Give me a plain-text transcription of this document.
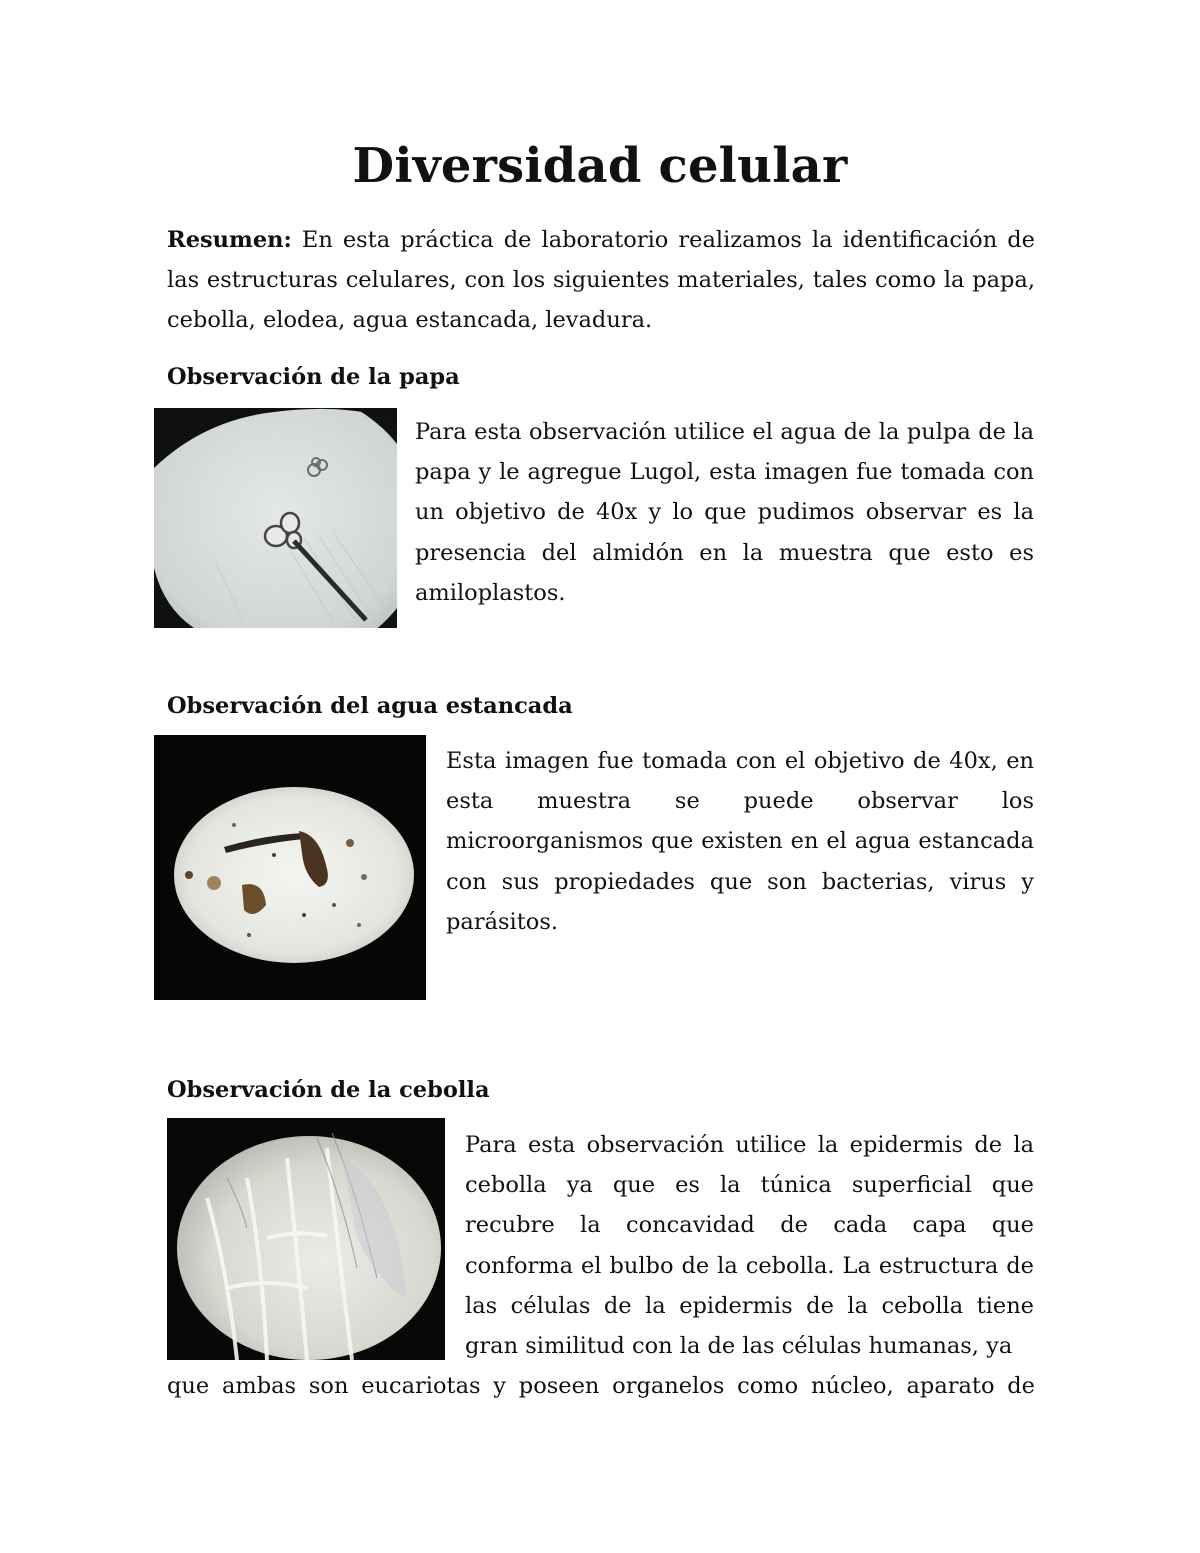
Diversidad celular

Resumen: En esta práctica de laboratorio realizamos la identificación de las estructuras celulares, con los siguientes materiales, tales como la papa, cebolla, elodea, agua estancada, levadura.

Observación de la papa

Para esta observación utilice el agua de la pulpa de la papa y le agregue Lugol, esta imagen fue tomada con un objetivo de 40x y lo que pudimos observar es la presencia del almidón en la muestra que esto es amiloplastos.

Observación del agua estancada

Esta imagen fue tomada con el objetivo de 40x, en esta muestra se puede observar los microorganismos que existen en el agua estancada con sus propiedades que son bacterias, virus y parásitos.

Observación de la cebolla

Para esta observación utilice la epidermis de la cebolla ya que es la túnica superficial que recubre la concavidad de cada capa que conforma el bulbo de la cebolla. La estructura de las células de la epidermis de la cebolla tiene gran similitud con la de las células humanas, ya

que ambas son eucariotas y poseen organelos como núcleo, aparato de
